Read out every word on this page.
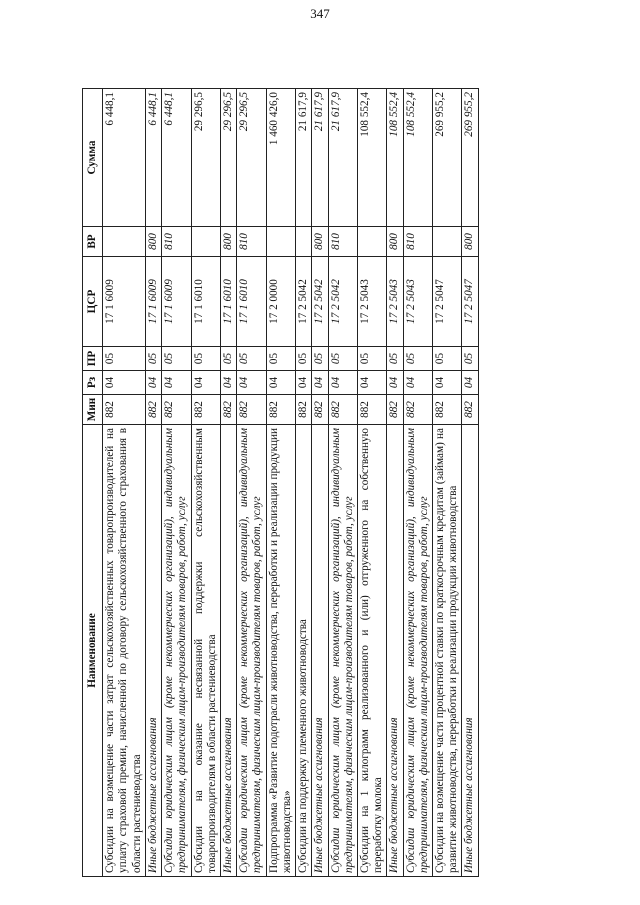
347
Наименование	Мин	Рз	ПР	ЦСР	ВР	Сумма
Субсидии на возмещение части затрат сельскохозяйственных товаропроизводителей на уплату страховой премии, начисленной по договору сельскохозяйственного страхования в области растениеводства	882	04	05	17 1 6009		6 448,1
Иные бюджетные ассигнования	882	04	05	17 1 6009	800	6 448,1
Субсидии юридическим лицам (кроме некоммерческих организаций), индивидуальным предпринимателям, физическим лицам-производителям товаров, работ, услуг	882	04	05	17 1 6009	810	6 448,1
Субсидии на оказание несвязанной поддержки сельскохозяйственным товаропроизводителям в области растениеводства	882	04	05	17 1 6010		29 296,5
Иные бюджетные ассигнования	882	04	05	17 1 6010	800	29 296,5
Субсидии юридическим лицам (кроме некоммерческих организаций), индивидуальным предпринимателям, физическим лицам-производителям товаров, работ, услуг	882	04	05	17 1 6010	810	29 296,5
Подпрограмма «Развитие подотрасли животноводства, переработки и реализации продукции животноводства»	882	04	05	17 2 0000		1 460 426,0
Субсидии на поддержку племенного животноводства	882	04	05	17 2 5042		21 617,9
Иные бюджетные ассигнования	882	04	05	17 2 5042	800	21 617,9
Субсидии юридическим лицам (кроме некоммерческих организаций), индивидуальным предпринимателям, физическим лицам-производителям товаров, работ, услуг	882	04	05	17 2 5042	810	21 617,9
Субсидии на 1 килограмм реализованного и (или) отгруженного на собственную переработку молока	882	04	05	17 2 5043		108 552,4
Иные бюджетные ассигнования	882	04	05	17 2 5043	800	108 552,4
Субсидии юридическим лицам (кроме некоммерческих организаций), индивидуальным предпринимателям, физическим лицам-производителям товаров, работ, услуг	882	04	05	17 2 5043	810	108 552,4
Субсидии на возмещение части процентной ставки по краткосрочным кредитам (займам) на развитие животноводства, переработки и реализации продукции животноводства	882	04	05	17 2 5047		269 955,2
Иные бюджетные ассигнования	882	04	05	17 2 5047	800	269 955,2
